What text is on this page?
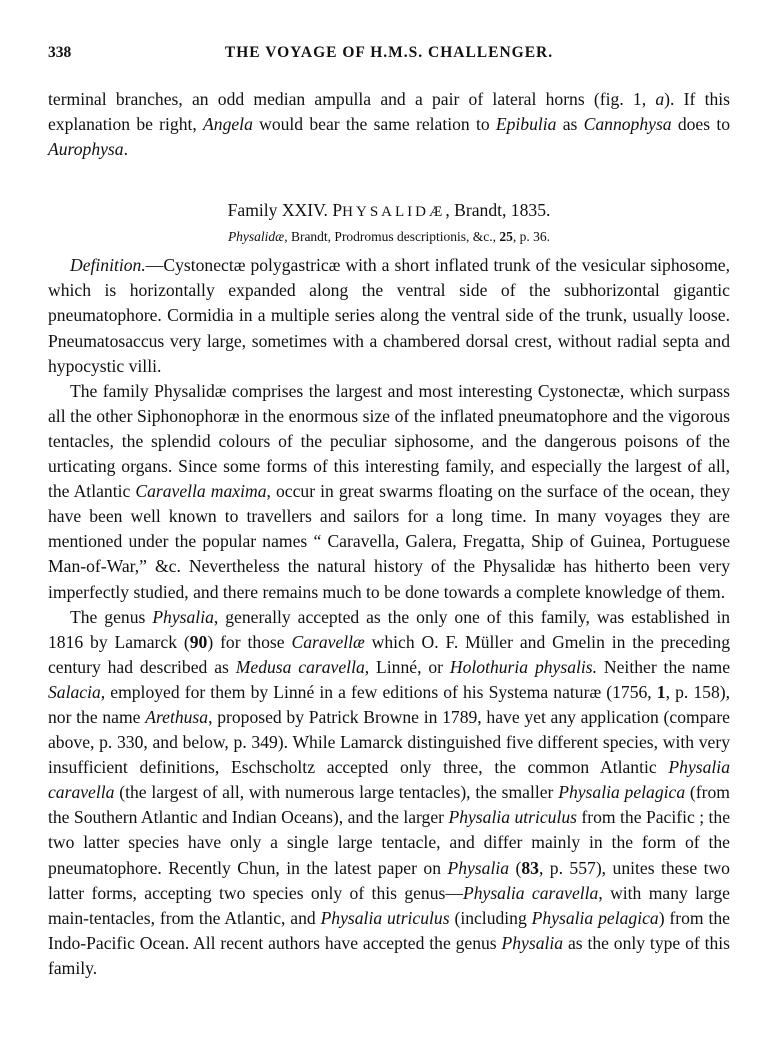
338	THE VOYAGE OF H.M.S. CHALLENGER.

terminal branches, an odd median ampulla and a pair of lateral horns (fig. 1, a). If this explanation be right, Angela would bear the same relation to Epibulia as Cannophysa does to Aurophysa.

Family XXIV. PHYSALIDÆ, Brandt, 1835.
Physalidæ, Brandt, Prodromus descriptionis, &c., 25, p. 36.

Definition.—Cystonectæ polygastricæ with a short inflated trunk of the vesicular siphosome, which is horizontally expanded along the ventral side of the subhorizontal gigantic pneumatophore. Cormidia in a multiple series along the ventral side of the trunk, usually loose. Pneumatosaccus very large, sometimes with a chambered dorsal crest, without radial septa and hypocystic villi.

The family Physalidæ comprises the largest and most interesting Cystonectæ, which surpass all the other Siphonophoræ in the enormous size of the inflated pneumatophore and the vigorous tentacles, the splendid colours of the peculiar siphosome, and the dangerous poisons of the urticating organs. Since some forms of this interesting family, and especially the largest of all, the Atlantic Caravella maxima, occur in great swarms floating on the surface of the ocean, they have been well known to travellers and sailors for a long time. In many voyages they are mentioned under the popular names “ Caravella, Galera, Fregatta, Ship of Guinea, Portuguese Man-of-War,” &c. Nevertheless the natural history of the Physalidæ has hitherto been very imperfectly studied, and there remains much to be done towards a complete knowledge of them.

The genus Physalia, generally accepted as the only one of this family, was established in 1816 by Lamarck (90) for those Caravellæ which O. F. Müller and Gmelin in the preceding century had described as Medusa caravella, Linné, or Holothuria physalis. Neither the name Salacia, employed for them by Linné in a few editions of his Systema naturæ (1756, 1, p. 158), nor the name Arethusa, proposed by Patrick Browne in 1789, have yet any application (compare above, p. 330, and below, p. 349). While Lamarck distinguished five different species, with very insufficient definitions, Eschscholtz accepted only three, the common Atlantic Physalia caravella (the largest of all, with numerous large tentacles), the smaller Physalia pelagica (from the Southern Atlantic and Indian Oceans), and the larger Physalia utriculus from the Pacific ; the two latter species have only a single large tentacle, and differ mainly in the form of the pneumatophore. Recently Chun, in the latest paper on Physalia (83, p. 557), unites these two latter forms, accepting two species only of this genus—Physalia caravella, with many large main-tentacles, from the Atlantic, and Physalia utriculus (including Physalia pelagica) from the Indo-Pacific Ocean. All recent authors have accepted the genus Physalia as the only type of this family.
